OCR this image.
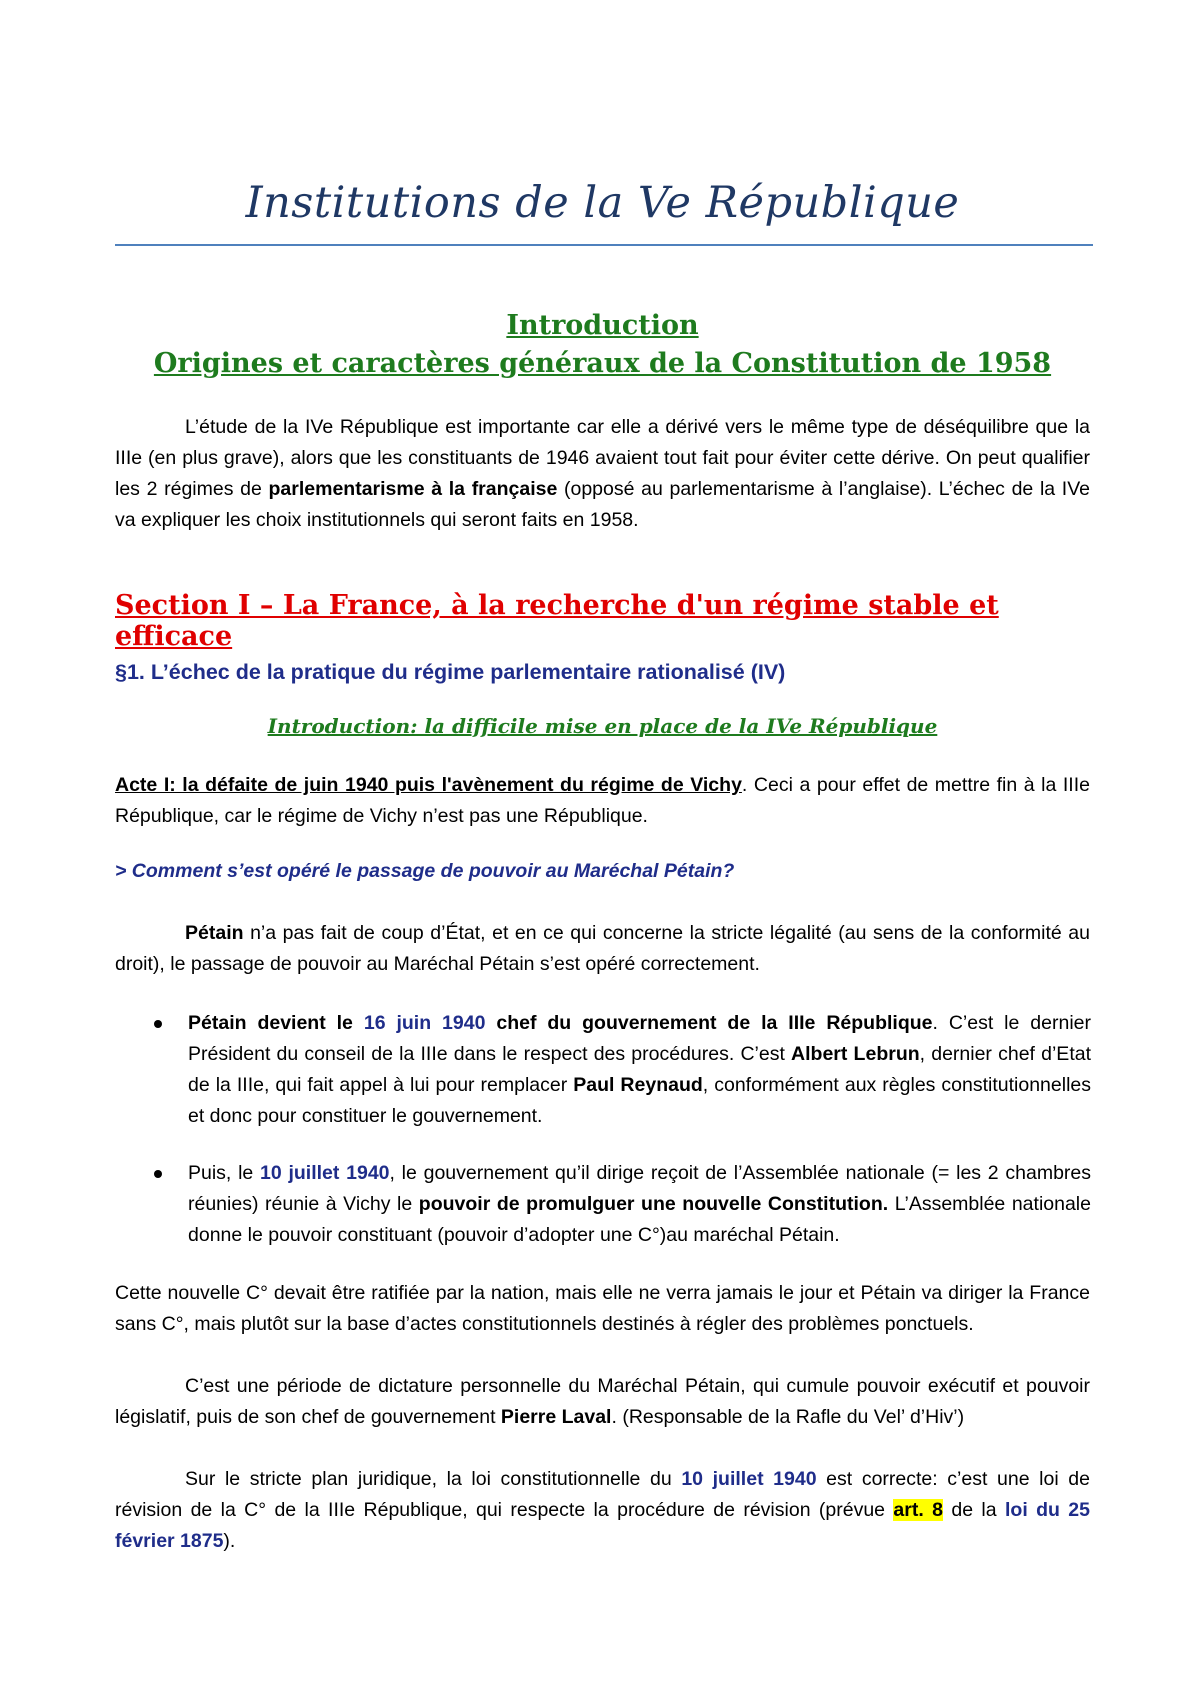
Institutions de la Ve République
Introduction
Origines et caractères généraux de la Constitution de 1958
L’étude de la IVe République est importante car elle a dérivé vers le même type de déséquilibre que la IIIe (en plus grave), alors que les constituants de 1946 avaient tout fait pour éviter cette dérive. On peut qualifier les 2 régimes de parlementarisme à la française (opposé au parlementarisme à l’anglaise). L’échec de la IVe va expliquer les choix institutionnels qui seront faits en 1958.
Section I – La France, à la recherche d'un régime stable et efficace
§1. L’échec de la pratique du régime parlementaire rationalisé (IV)
Introduction: la difficile mise en place de la IVe République
Acte I: la défaite de juin 1940 puis l'avènement du régime de Vichy. Ceci a pour effet de mettre fin à la IIIe République, car le régime de Vichy n’est pas une République.
> Comment s’est opéré le passage de pouvoir au Maréchal Pétain?
Pétain n’a pas fait de coup d’État, et en ce qui concerne la stricte légalité (au sens de la conformité au droit), le passage de pouvoir au Maréchal Pétain s’est opéré correctement.
Pétain devient le 16 juin 1940 chef du gouvernement de la IIIe République. C’est le dernier Président du conseil de la IIIe dans le respect des procédures. C’est Albert Lebrun, dernier chef d’Etat de la IIIe, qui fait appel à lui pour remplacer Paul Reynaud, conformément aux règles constitutionnelles et donc pour constituer le gouvernement.
Puis, le 10 juillet 1940, le gouvernement qu’il dirige reçoit de l’Assemblée nationale (= les 2 chambres réunies) réunie à Vichy le pouvoir de promulguer une nouvelle Constitution. L’Assemblée nationale donne le pouvoir constituant (pouvoir d’adopter une C°)au maréchal Pétain.
Cette nouvelle C° devait être ratifiée par la nation, mais elle ne verra jamais le jour et Pétain va diriger la France sans C°, mais plutôt sur la base d’actes constitutionnels destinés à régler des problèmes ponctuels.
C’est une période de dictature personnelle du Maréchal Pétain, qui cumule pouvoir exécutif et pouvoir législatif, puis de son chef de gouvernement Pierre Laval. (Responsable de la Rafle du Vel’ d’Hiv’)
Sur le stricte plan juridique, la loi constitutionnelle du 10 juillet 1940 est correcte: c’est une loi de révision de la C° de la IIIe République, qui respecte la procédure de révision (prévue art. 8 de la loi du 25 février 1875).
